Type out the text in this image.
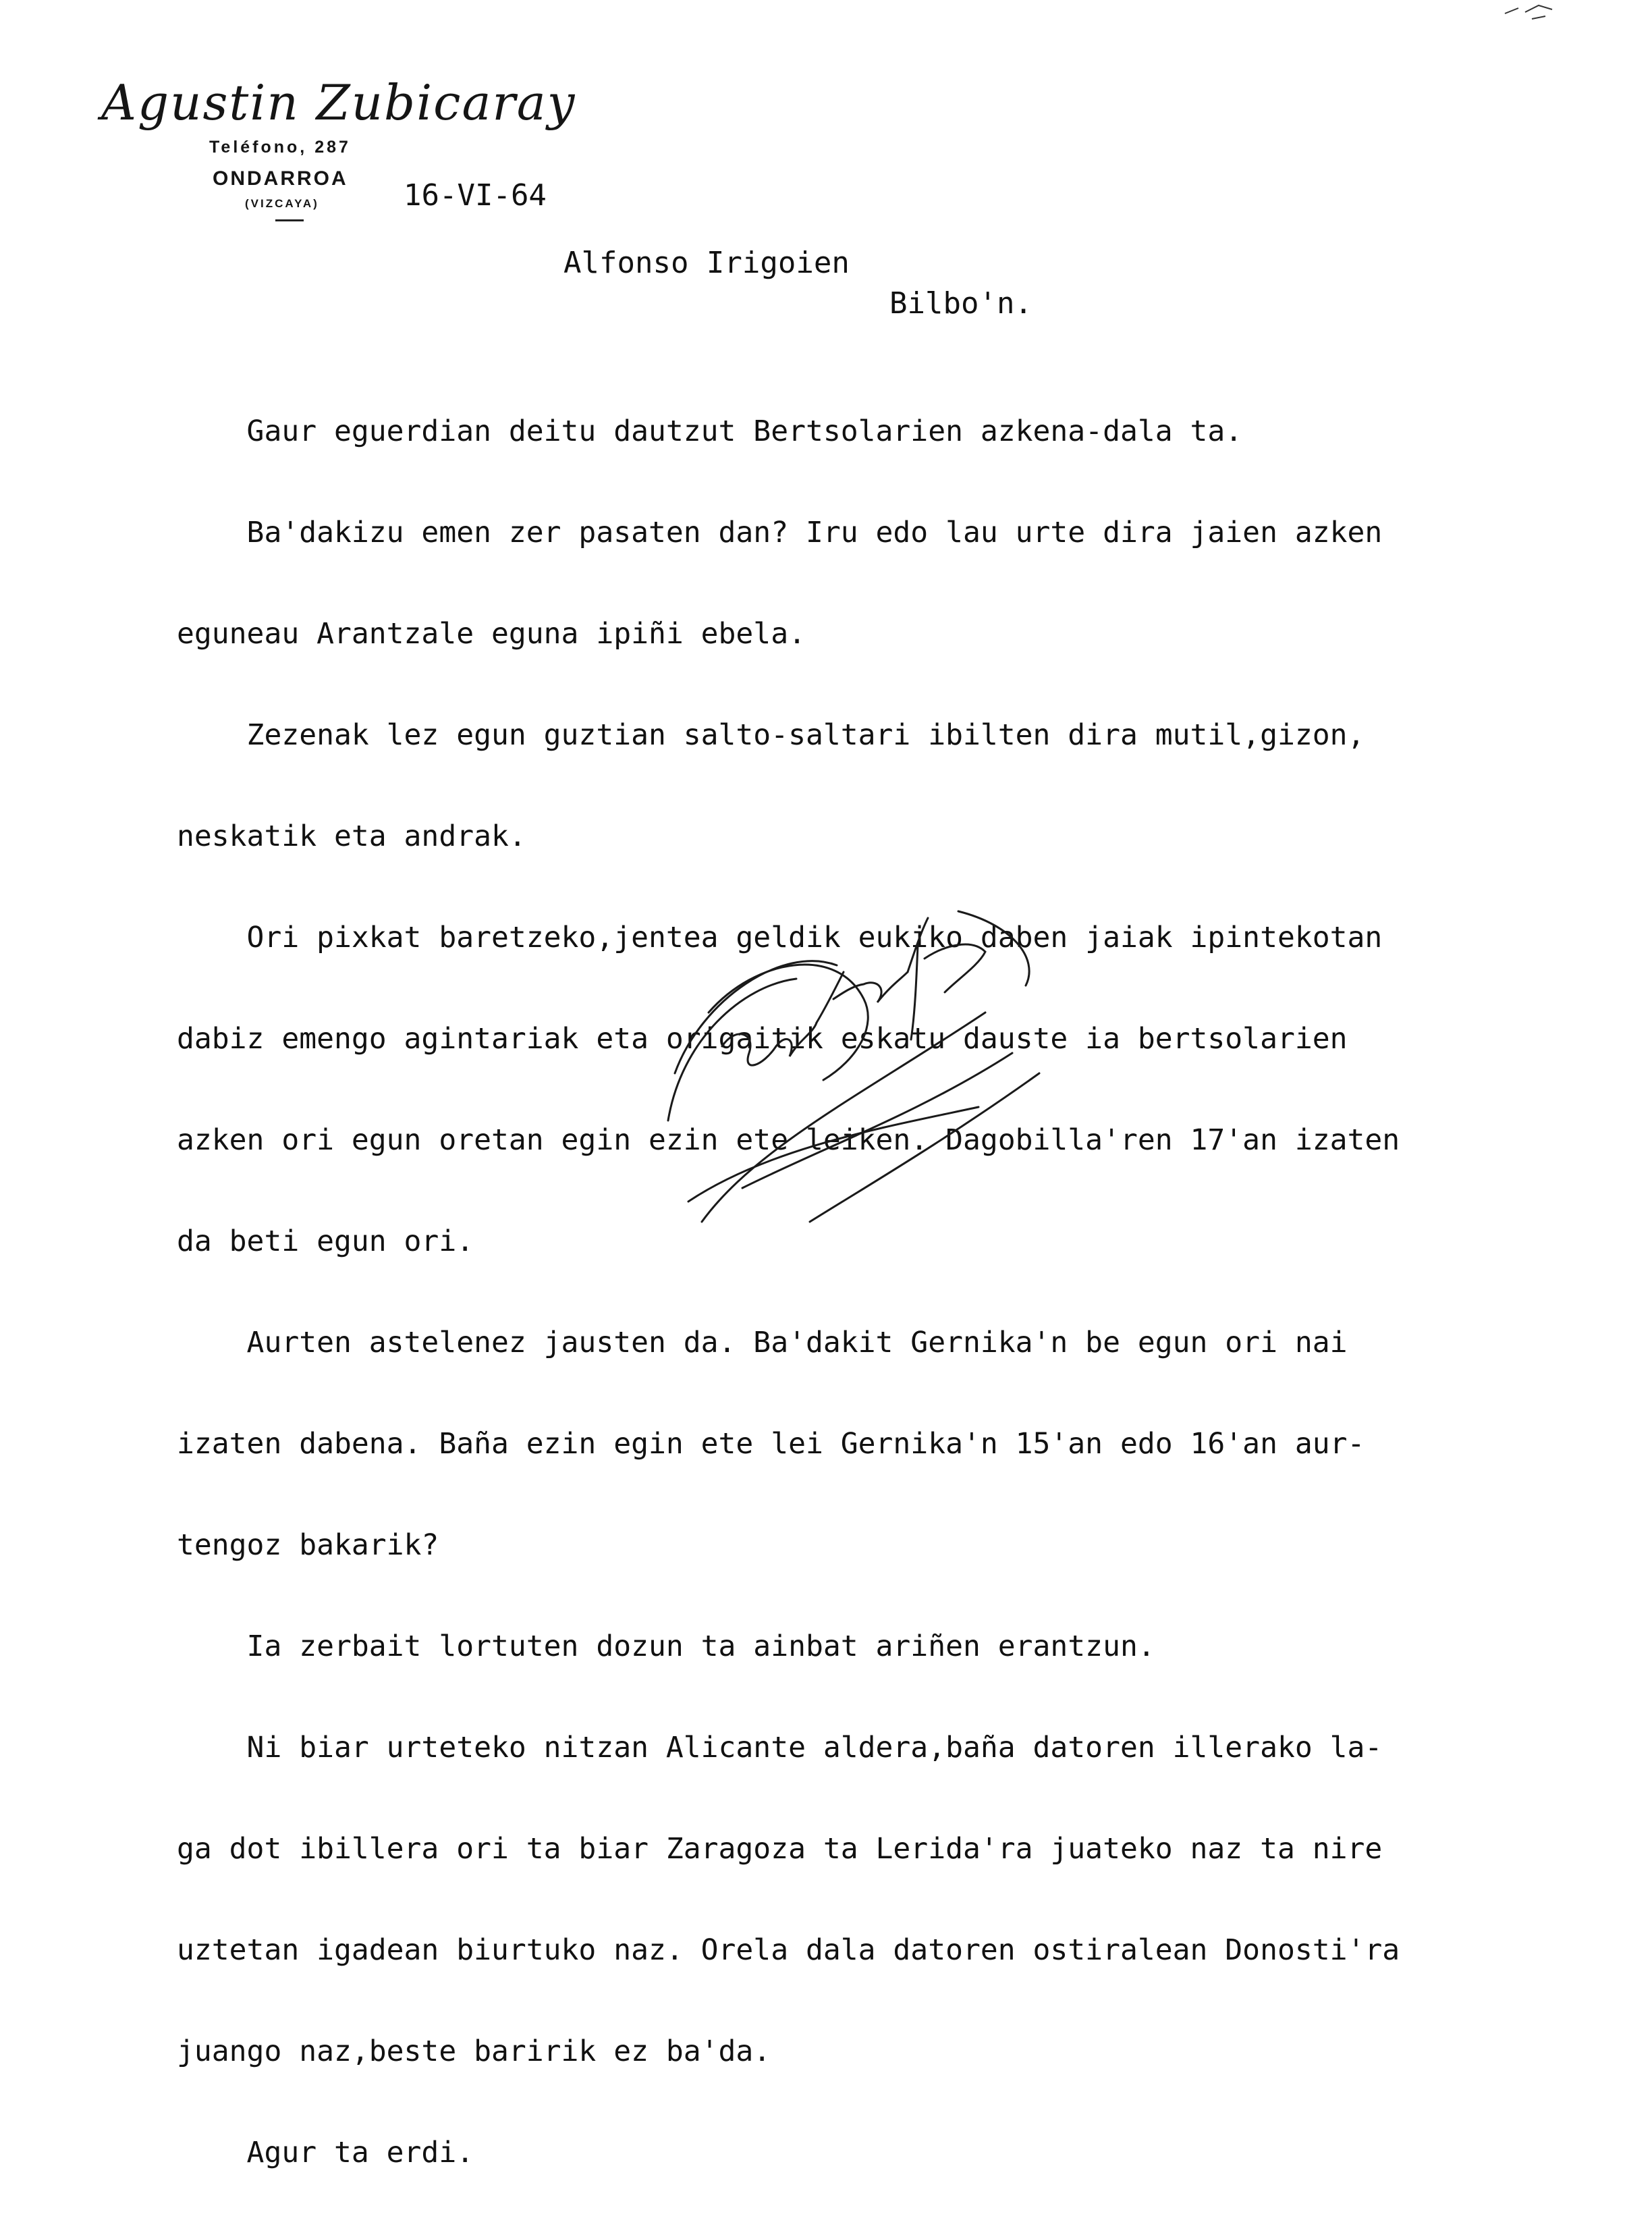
Agustin Zubicaray
Teléfono, 287
ONDARROA
(VIZCAYA)	16-VI-64
Alfonso Irigoien
Bilbo'n.

Gaur eguerdian deitu dautzut Bertsolarien azkena-dala ta.

Ba'dakizu emen zer pasaten dan? Iru edo lau urte dira jaien azken

eguneau Arantzale eguna ipiñi ebela.

Zezenak lez egun guztian salto-saltari ibilten dira mutil,gizon,

neskatik eta andrak.

Ori pixkat baretzeko,jentea geldik eukiko daben jaiak ipintekotan

dabiz emengo agintariak eta origaitik eskatu dauste ia bertsolarien

azken ori egun oretan egin ezin ete leiken. Dagobilla'ren 17'an izaten

da beti egun ori.

Aurten astelenez jausten da. Ba'dakit Gernika'n be egun ori nai

izaten dabena. Baña ezin egin ete lei Gernika'n 15'an edo 16'an aur-

tengoz bakarik?

Ia zerbait lortuten dozun ta ainbat ariñen erantzun.

Ni biar urteteko nitzan Alicante aldera,baña datoren illerako la-

ga dot ibillera ori ta biar Zaragoza ta Lerida'ra juateko naz ta nire

uztetan igadean biurtuko naz. Orela dala datoren ostiralean Donosti'ra

juango naz,beste baririk ez ba'da.

Agur ta erdi.
